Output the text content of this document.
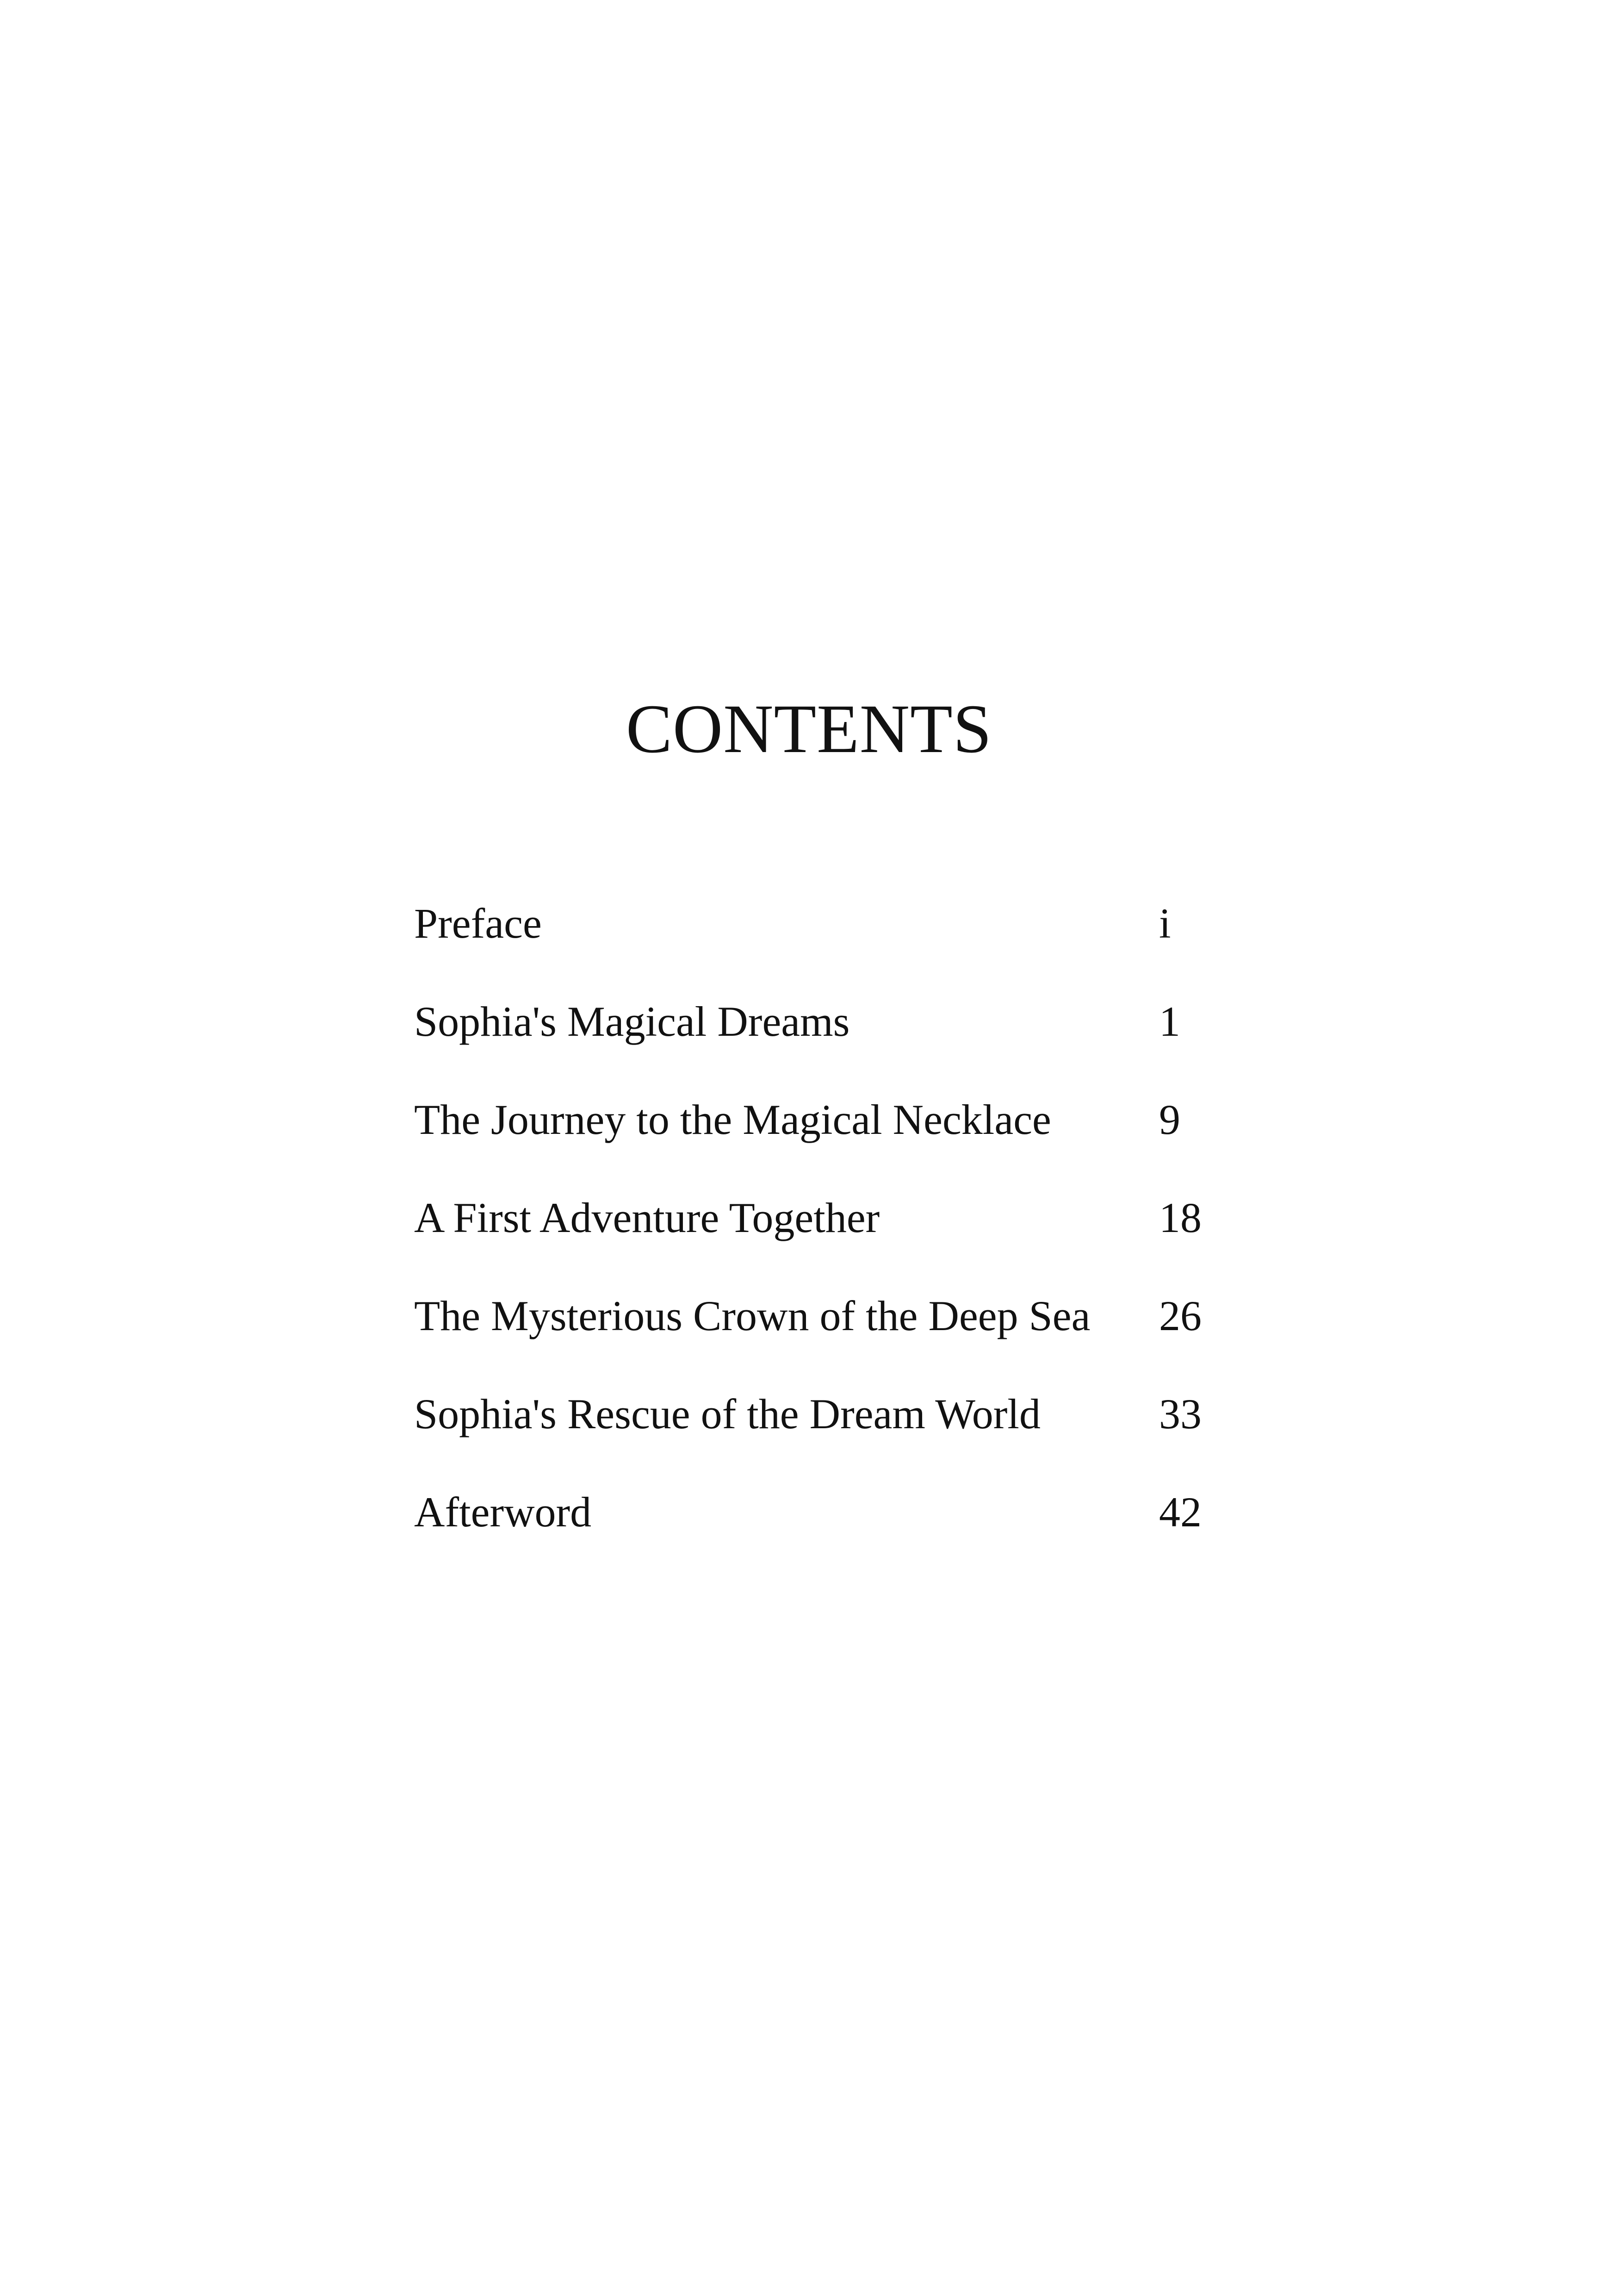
CONTENTS
Preface	i
Sophia's Magical Dreams	1
The Journey to the Magical Necklace	9
A First Adventure Together	18
The Mysterious Crown of the Deep Sea 26
Sophia's Rescue of the Dream World	33
Afterword	42
